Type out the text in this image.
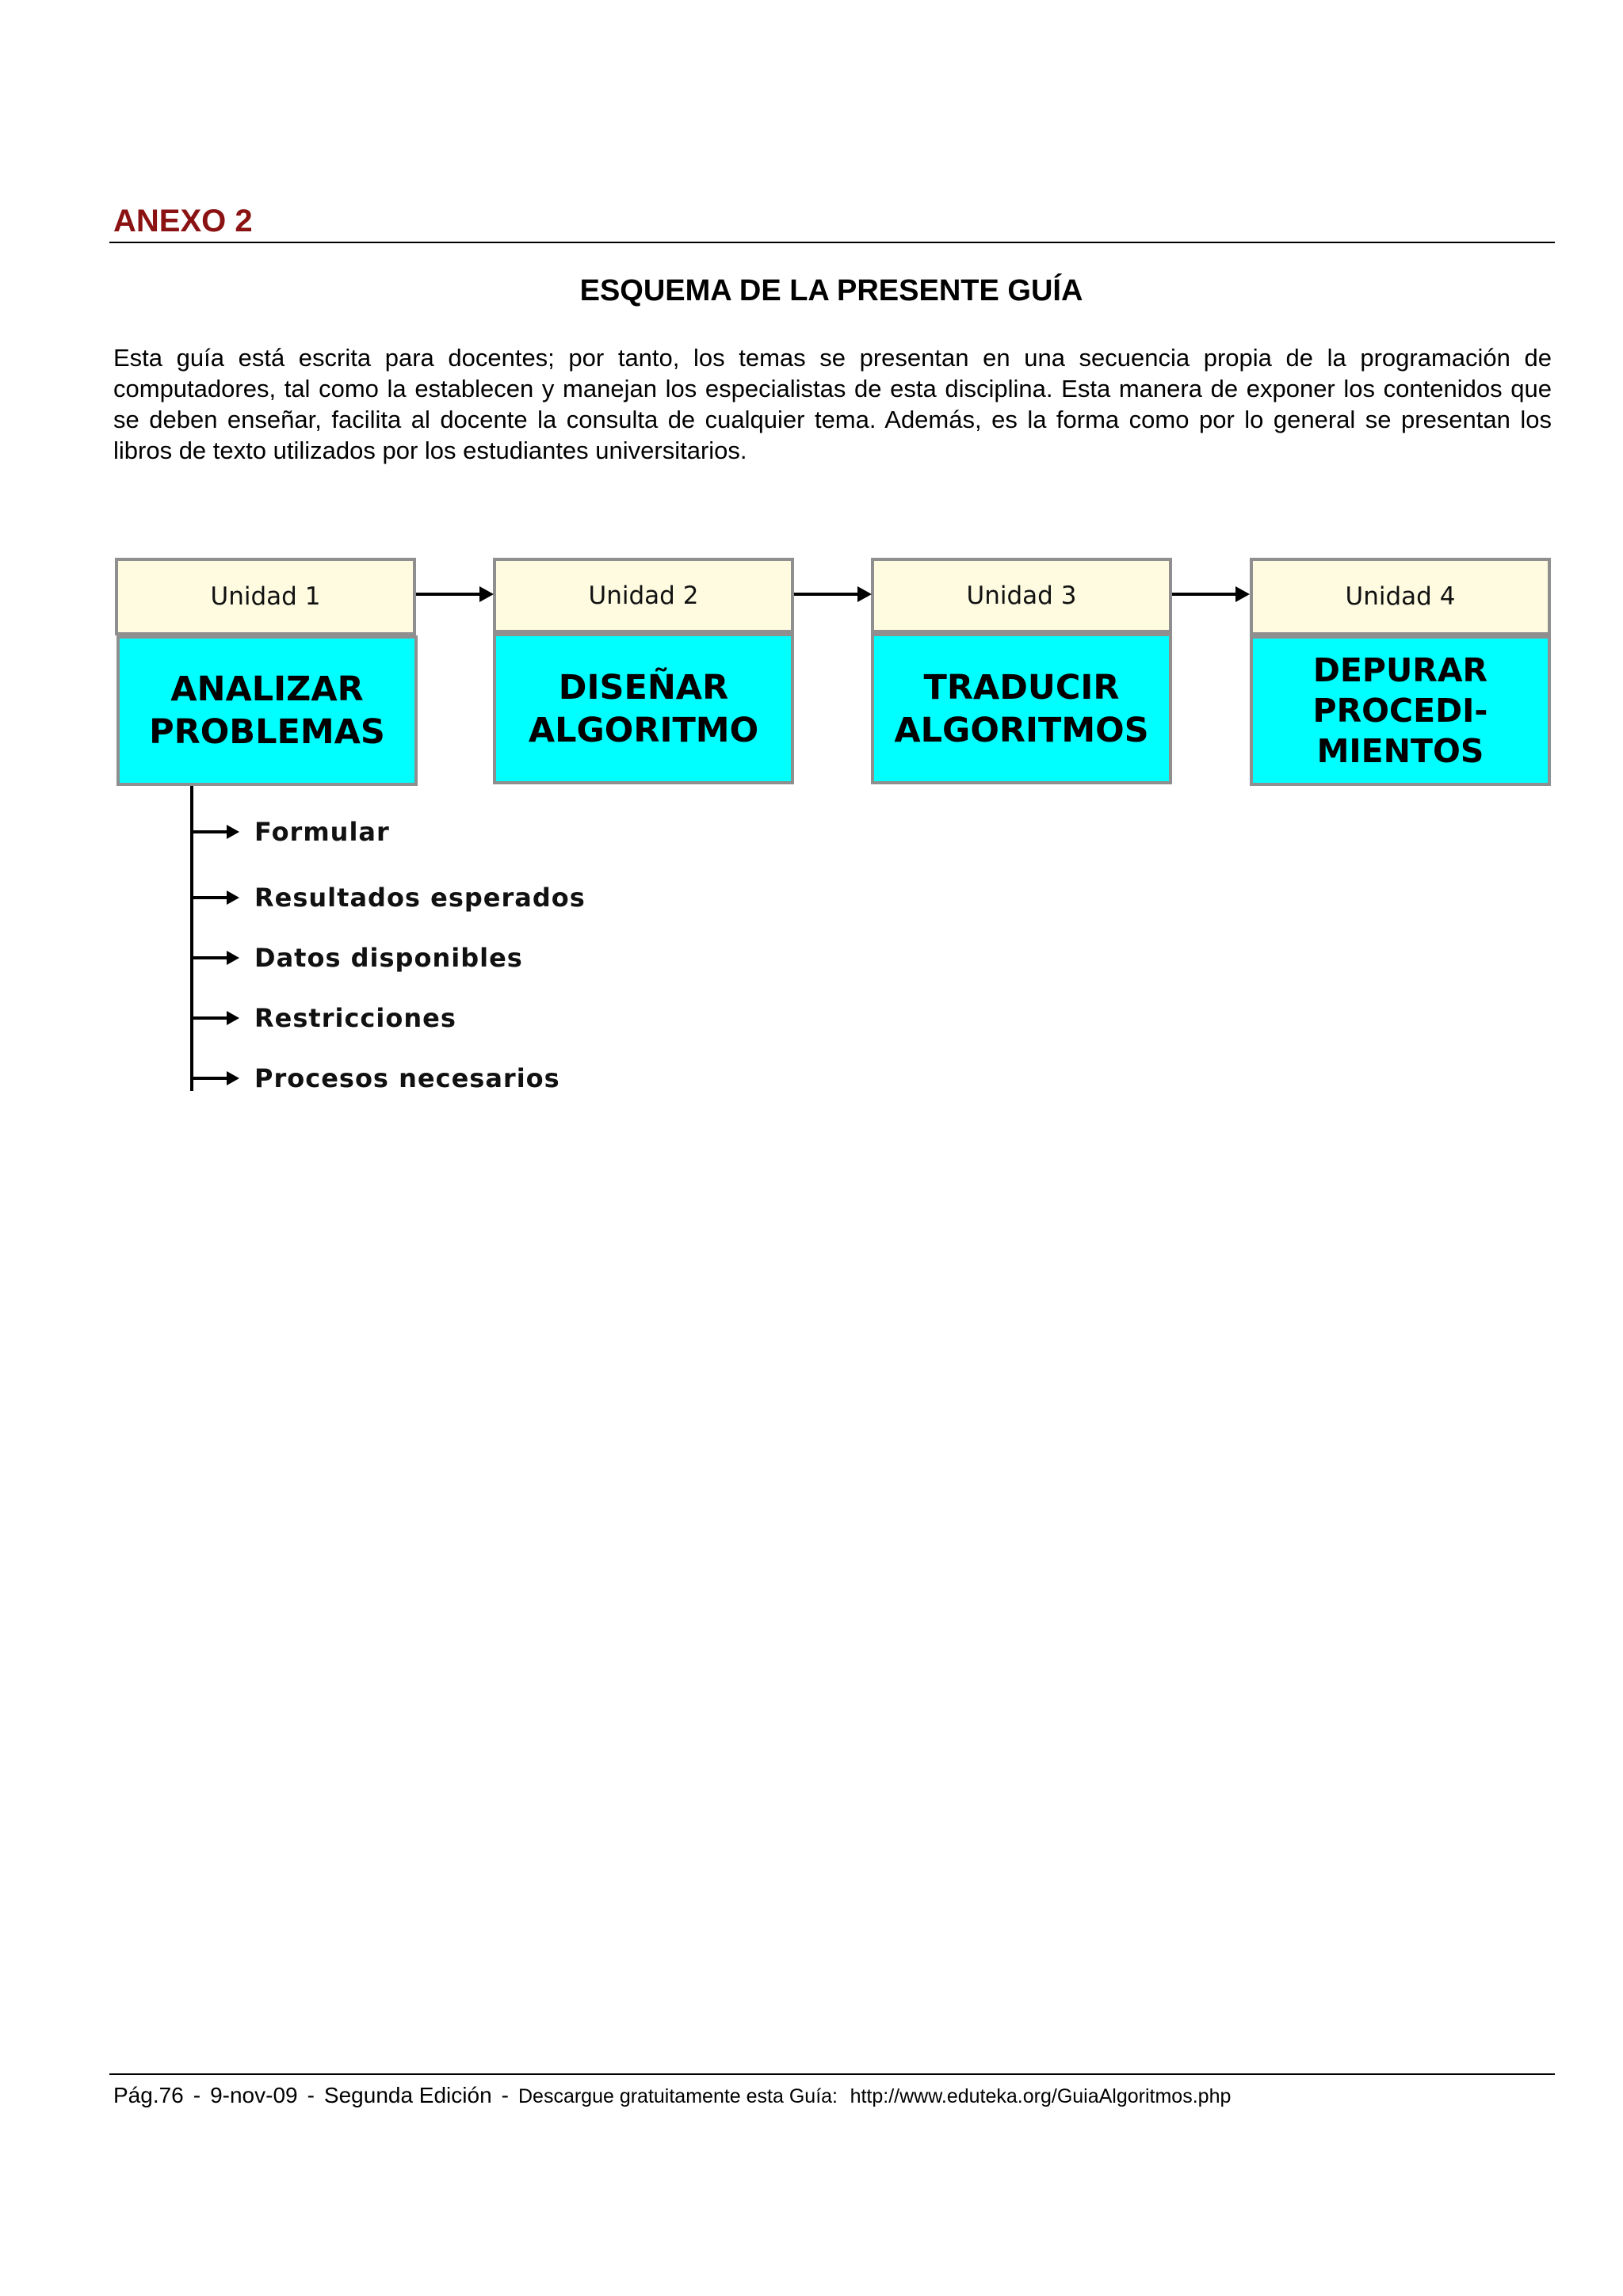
ANEXO 2
ESQUEMA DE LA PRESENTE GUÍA

Esta guía está escrita para docentes; por tanto, los temas se presentan en una secuencia propia de la programación de computadores, tal como la establecen y manejan los especialistas de esta disciplina. Esta manera de exponer los contenidos que se deben enseñar, facilita al docente la consulta de cualquier tema. Además, es la forma como por lo general se presentan los libros de texto utilizados por los estudiantes universitarios.

Unidad 1
ANALIZAR
PROBLEMAS
Unidad 2
DISEÑAR
ALGORITMO
Unidad 3
TRADUCIR
ALGORITMOS
Unidad 4
DEPURAR
PROCEDI-
MIENTOS
Formular
Resultados esperados
Datos disponibles
Restricciones
Procesos necesarios
Pág.76 - 9-nov-09 - Segunda Edición - Descargue gratuitamente esta Guía: http://www.eduteka.org/GuiaAlgoritmos.php
